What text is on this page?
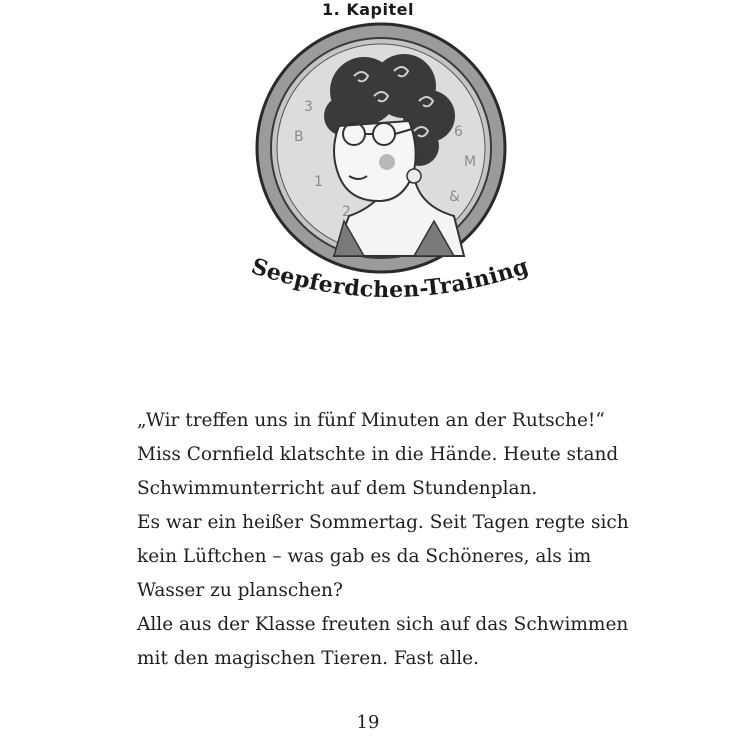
1. Kapitel
B
1
2
6
&
M
3
Seepferdchen-Training
„Wir treffen uns in fünf Minuten an der Rutsche!“
Miss Cornfield klatschte in die Hände. Heute stand
Schwimmunterricht auf dem Stundenplan.
Es war ein heißer Sommertag. Seit Tagen regte sich
kein Lüftchen – was gab es da Schöneres, als im
Wasser zu planschen?
Alle aus der Klasse freuten sich auf das Schwimmen
mit den magischen Tieren. Fast alle.
19
